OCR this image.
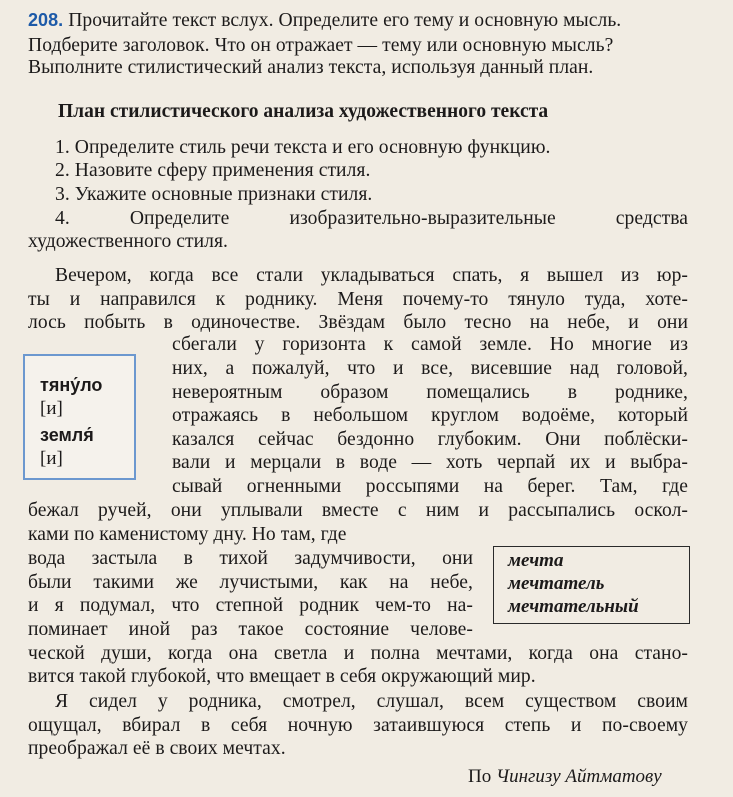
208. Прочитайте текст вслух. Определите его тему и основную мысль.
Подберите заголовок. Что он отражает — тему или основную мысль?
Выполните стилистический анализ текста, используя данный план.
План стилистического анализа художественного текста
1. Определите стиль речи текста и его основную функцию.
2. Назовите сферу применения стиля.
3. Укажите основные признаки стиля.
4. Определите изобразительно-выразительные средства
художественного стиля.
Вечером, когда все стали укладываться спать, я вышел из юр-
ты и направился к роднику. Меня почему-то тянуло туда, хоте-
лось побыть в одиночестве. Звёздам было тесно на небе, и они
сбегали у горизонта к самой земле. Но многие из
них, а пожалуй, что и все, висевшие над головой,
невероятным образом помещались в роднике,
отражаясь в небольшом круглом водоёме, который
казался сейчас бездонно глубоким. Они поблёски-
вали и мерцали в воде — хоть черпай их и выбра-
сывай огненными россыпями на берег. Там, где
бежал ручей, они уплывали вместе с ним и рассыпались оскол-
ками по каменистому дну. Но там, где
вода застыла в тихой задумчивости, они
были такими же лучистыми, как на небе,
и я подумал, что степной родник чем-то на-
поминает иной раз такое состояние челове-
ческой души, когда она светла и полна мечтами, когда она стано-
вится такой глубокой, что вмещает в себя окружающий мир.
Я сидел у родника, смотрел, слушал, всем существом своим
ощущал, вбирал в себя ночную затаившуюся степь и по-своему
преображал её в своих мечтах.
тяну́ло
[и]
земля́
[и]
мечта
мечтатель
мечтательный
По Чингизу Айтматову
